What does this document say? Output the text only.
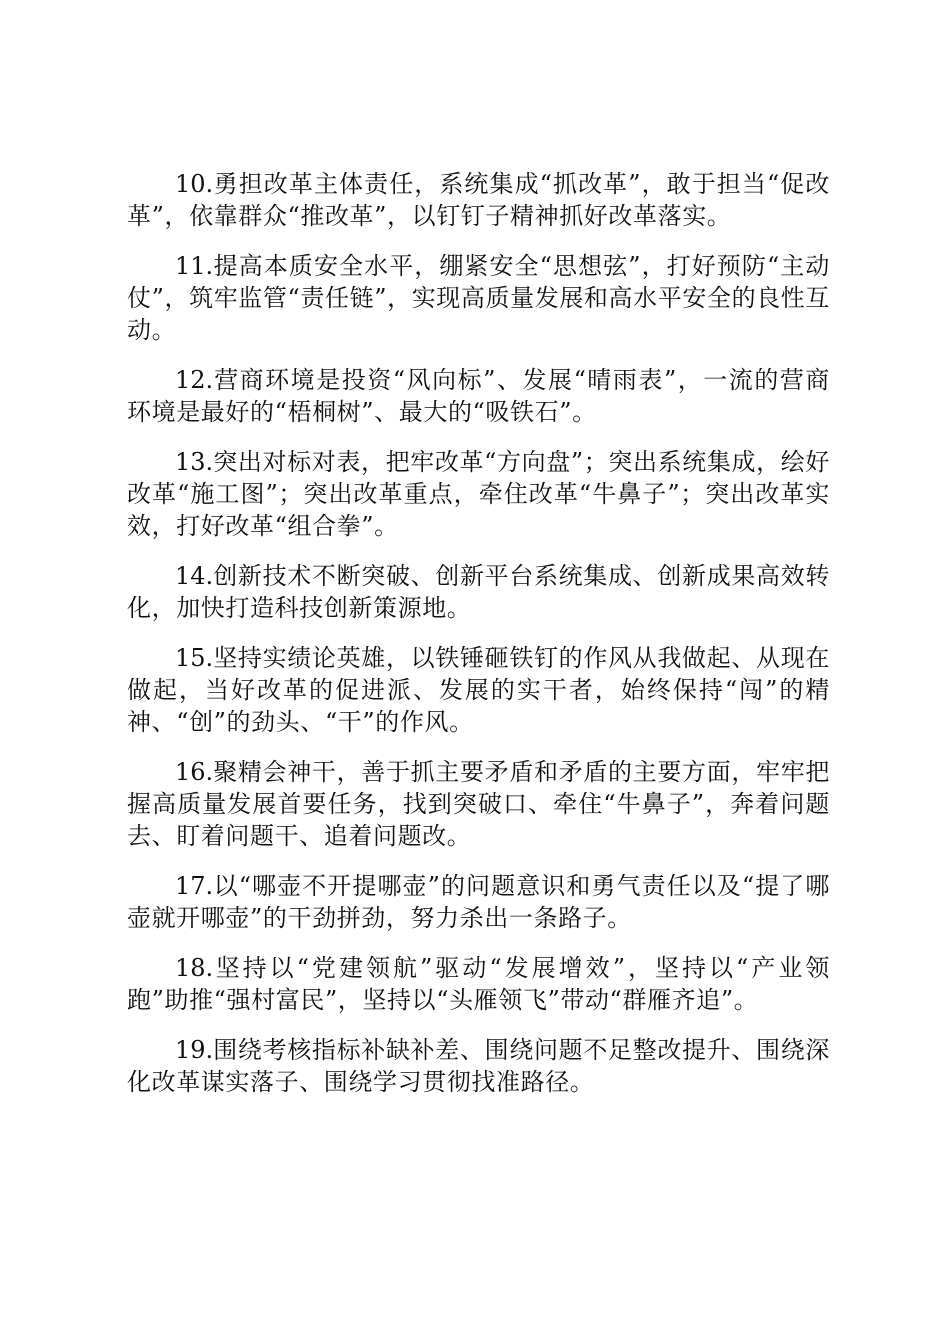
10.勇担改革主体责任，系统集成“抓改革”，敢于担当“促改革”，依靠群众“推改革”，以钉钉子精神抓好改革落实。

11.提高本质安全水平，绷紧安全“思想弦”，打好预防“主动仗”，筑牢监管“责任链”，实现高质量发展和高水平安全的良性互动。

12.营商环境是投资“风向标”、发展“晴雨表”，一流的营商环境是最好的“梧桐树”、最大的“吸铁石”。

13.突出对标对表，把牢改革“方向盘”；突出系统集成，绘好改革“施工图”；突出改革重点，牵住改革“牛鼻子”；突出改革实效，打好改革“组合拳”。

14.创新技术不断突破、创新平台系统集成、创新成果高效转化，加快打造科技创新策源地。

15.坚持实绩论英雄，以铁锤砸铁钉的作风从我做起、从现在做起，当好改革的促进派、发展的实干者，始终保持“闯”的精神、“创”的劲头、“干”的作风。

16.聚精会神干，善于抓主要矛盾和矛盾的主要方面，牢牢把握高质量发展首要任务，找到突破口、牵住“牛鼻子”，奔着问题去、盯着问题干、追着问题改。

17.以“哪壶不开提哪壶”的问题意识和勇气责任以及“提了哪壶就开哪壶”的干劲拼劲，努力杀出一条路子。

18.坚持以“党建领航”驱动“发展增效”，坚持以“产业领跑”助推“强村富民”，坚持以“头雁领飞”带动“群雁齐追”。

19.围绕考核指标补缺补差、围绕问题不足整改提升、围绕深化改革谋实落子、围绕学习贯彻找准路径。
